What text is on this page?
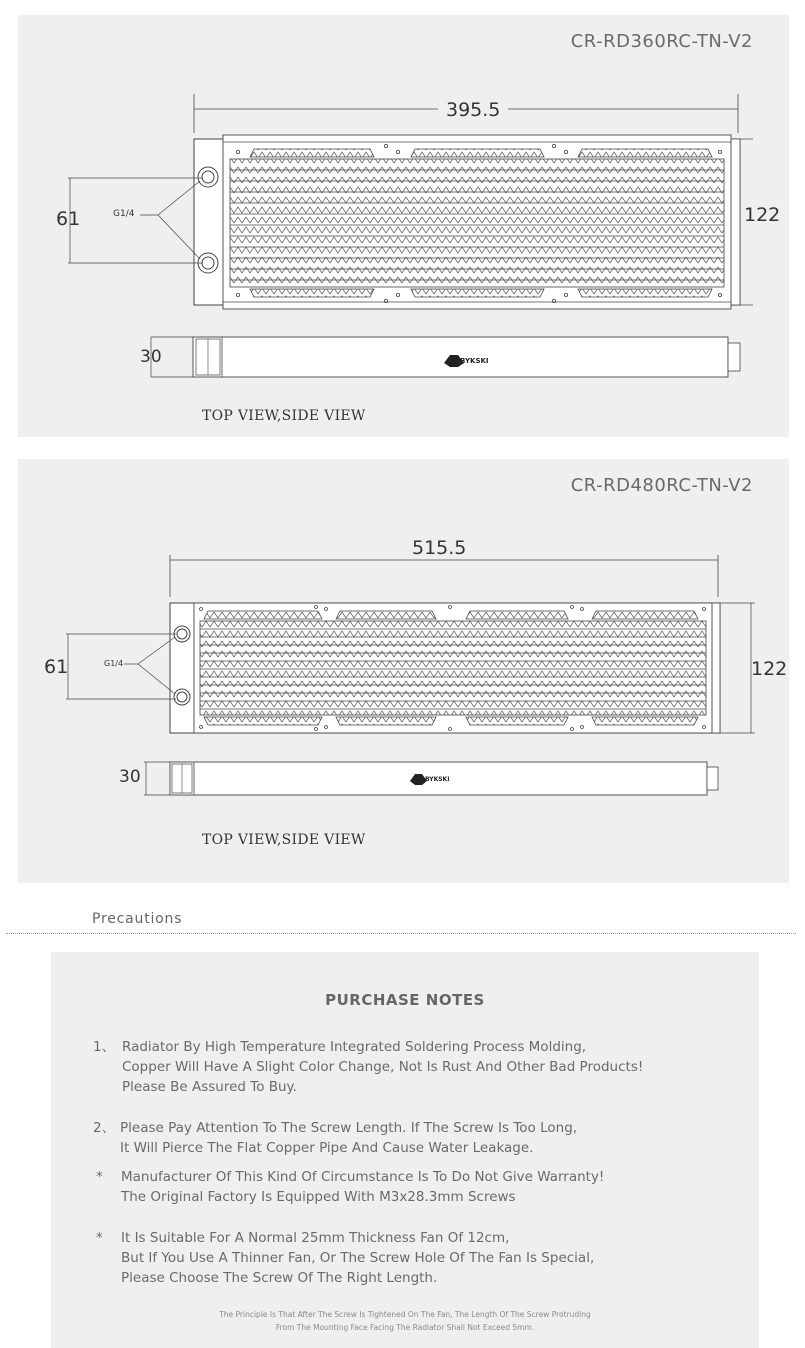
CR-RD360RC-TN-V2
395.5
61	G1/4	122
30	BYKSKI
TOP VIEW,SIDE VIEW
CR-RD480RC-TN-V2
515.5
61	G1/4	122
30	BYKSKI
TOP VIEW,SIDE VIEW
Precautions
PURCHASE NOTES
1、 Radiator By High Temperature Integrated Soldering Process Molding,
Copper Will Have A Slight Color Change, Not Is Rust And Other Bad Products!
Please Be Assured To Buy.
2、 Please Pay Attention To The Screw Length. If The Screw Is Too Long,
It Will Pierce The Flat Copper Pipe And Cause Water Leakage.
* Manufacturer Of This Kind Of Circumstance Is To Do Not Give Warranty!
The Original Factory Is Equipped With M3x28.3mm Screws
* It Is Suitable For A Normal 25mm Thickness Fan Of 12cm,
But If You Use A Thinner Fan, Or The Screw Hole Of The Fan Is Special,
Please Choose The Screw Of The Right Length.
The Principle Is That After The Screw Is Tightened On The Fan, The Length Of The Screw Protruding
From The Mounting Face Facing The Radiator Shall Not Exceed 5mm.
